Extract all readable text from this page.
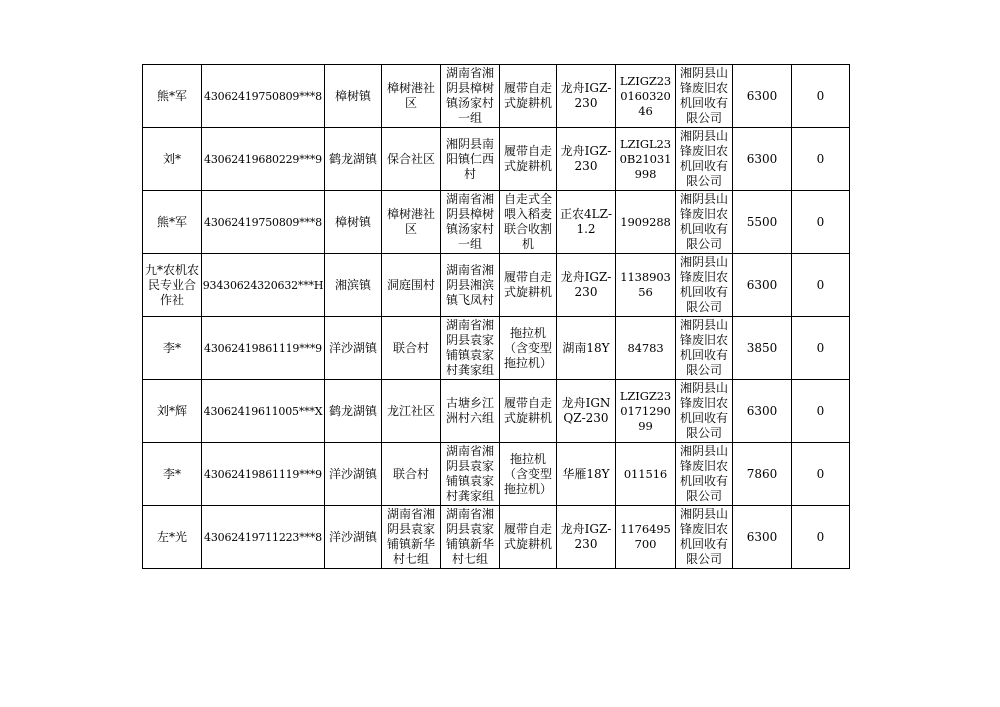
熊*军	43062419750809***8	樟树镇	樟树港社区	湖南省湘阴县樟树镇汤家村一组	履带自走式旋耕机	龙舟IGZ-230	LZIGZ23016032046	湘阴县山锋废旧农机回收有限公司	6300	0
刘*	43062419680229***9	鹤龙湖镇	保合社区	湘阴县南阳镇仁西村	履带自走式旋耕机	龙舟IGZ-230	LZIGL230B21031998	湘阴县山锋废旧农机回收有限公司	6300	0
熊*军	43062419750809***8	樟树镇	樟树港社区	湖南省湘阴县樟树镇汤家村一组	自走式全喂入稻麦联合收割机	正农4LZ-1.2	1909288	湘阴县山锋废旧农机回收有限公司	5500	0
九*农机农民专业合作社	93430624320632***H	湘滨镇	洞庭围村	湖南省湘阴县湘滨镇飞凤村	履带自走式旋耕机	龙舟IGZ-230	113890356	湘阴县山锋废旧农机回收有限公司	6300	0
李*	43062419861119***9	洋沙湖镇	联合村	湖南省湘阴县袁家铺镇袁家村龚家组	拖拉机（含变型拖拉机）	湖南18Y	84783	湘阴县山锋废旧农机回收有限公司	3850	0
刘*辉	43062419611005***X	鹤龙湖镇	龙江社区	古塘乡江洲村六组	履带自走式旋耕机	龙舟IGNQZ-230	LZIGZ23017129099	湘阴县山锋废旧农机回收有限公司	6300	0
李*	43062419861119***9	洋沙湖镇	联合村	湖南省湘阴县袁家铺镇袁家村龚家组	拖拉机（含变型拖拉机）	华雁18Y	011516	湘阴县山锋废旧农机回收有限公司	7860	0
左*光	43062419711223***8	洋沙湖镇	湖南省湘阴县袁家铺镇新华村七组	湖南省湘阴县袁家铺镇新华村七组	履带自走式旋耕机	龙舟IGZ-230	1176495700	湘阴县山锋废旧农机回收有限公司	6300	0
